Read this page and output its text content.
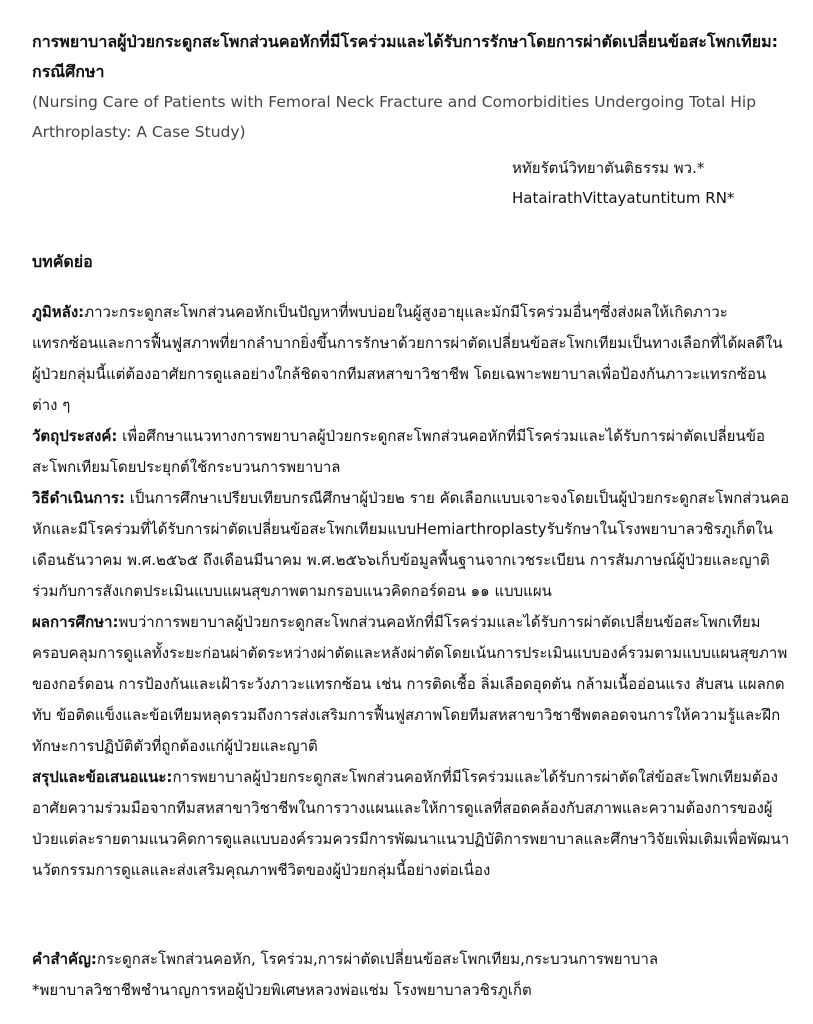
การพยาบาลผู้ป่วยกระดูกสะโพกส่วนคอหักที่มีโรคร่วมและได้รับการรักษาโดยการผ่าตัดเปลี่ยนข้อสะโพกเทียม: กรณีศึกษา

(Nursing Care of Patients with Femoral Neck Fracture and Comorbidities Undergoing Total Hip Arthroplasty: A Case Study)

หทัยรัตน์วิทยาตันติธรรม พว.*
HatairathVittayatuntitum RN*
บทคัดย่อ

ภูมิหลัง:ภาวะกระดูกสะโพกส่วนคอหักเป็นปัญหาที่พบบ่อยในผู้สูงอายุและมักมีโรคร่วมอื่นๆซึ่งส่งผลให้เกิดภาวะแทรกซ้อนและการฟื้นฟูสภาพที่ยากลำบากยิ่งขึ้นการรักษาด้วยการผ่าตัดเปลี่ยนข้อสะโพกเทียมเป็นทางเลือกที่ได้ผลดีในผู้ป่วยกลุ่มนี้แต่ต้องอาศัยการดูแลอย่างใกล้ชิดจากทีมสหสาขาวิชาชีพ โดยเฉพาะพยาบาลเพื่อป้องกันภาวะแทรกซ้อนต่าง ๆ

วัตถุประสงค์: เพื่อศึกษาแนวทางการพยาบาลผู้ป่วยกระดูกสะโพกส่วนคอหักที่มีโรคร่วมและได้รับการผ่าตัดเปลี่ยนข้อสะโพกเทียมโดยประยุกต์ใช้กระบวนการพยาบาล

วิธีดำเนินการ: เป็นการศึกษาเปรียบเทียบกรณีศึกษาผู้ป่วย๒ ราย คัดเลือกแบบเจาะจงโดยเป็นผู้ป่วยกระดูกสะโพกส่วนคอหักและมีโรคร่วมที่ได้รับการผ่าตัดเปลี่ยนข้อสะโพกเทียมแบบHemiarthroplastyรับรักษาในโรงพยาบาลวชิรภูเก็ตในเดือนธันวาคม พ.ศ.๒๕๖๕ ถึงเดือนมีนาคม พ.ศ.๒๕๖๖เก็บข้อมูลพื้นฐานจากเวชระเบียน การสัมภาษณ์ผู้ป่วยและญาติ ร่วมกับการสังเกตประเมินแบบแผนสุขภาพตามกรอบแนวคิดกอร์ดอน ๑๑ แบบแผน

ผลการศึกษา:พบว่าการพยาบาลผู้ป่วยกระดูกสะโพกส่วนคอหักที่มีโรคร่วมและได้รับการผ่าตัดเปลี่ยนข้อสะโพกเทียมครอบคลุมการดูแลทั้งระยะก่อนผ่าตัดระหว่างผ่าตัดและหลังผ่าตัดโดยเน้นการประเมินแบบองค์รวมตามแบบแผนสุขภาพของกอร์ดอน การป้องกันและเฝ้าระวังภาวะแทรกซ้อน เช่น การติดเชื้อ ลิ่มเลือดอุดตัน กล้ามเนื้ออ่อนแรง สับสน แผลกดทับ ข้อติดแข็งและข้อเทียมหลุดรวมถึงการส่งเสริมการฟื้นฟูสภาพโดยทีมสหสาขาวิชาชีพตลอดจนการให้ความรู้และฝึกทักษะการปฏิบัติตัวที่ถูกต้องแก่ผู้ป่วยและญาติ

สรุปและข้อเสนอแนะ:การพยาบาลผู้ป่วยกระดูกสะโพกส่วนคอหักที่มีโรคร่วมและได้รับการผ่าตัดใส่ข้อสะโพกเทียมต้องอาศัยความร่วมมือจากทีมสหสาขาวิชาชีพในการวางแผนและให้การดูแลที่สอดคล้องกับสภาพและความต้องการของผู้ป่วยแต่ละรายตามแนวคิดการดูแลแบบองค์รวมควรมีการพัฒนาแนวปฏิบัติการพยาบาลและศึกษาวิจัยเพิ่มเติมเพื่อพัฒนานวัตกรรมการดูแลและส่งเสริมคุณภาพชีวิตของผู้ป่วยกลุ่มนี้อย่างต่อเนื่อง

คำสำคัญ:กระดูกสะโพกส่วนคอหัก, โรคร่วม,การผ่าตัดเปลี่ยนข้อสะโพกเทียม,กระบวนการพยาบาล
*พยาบาลวิชาชีพชำนาญการหอผู้ป่วยพิเศษหลวงพ่อแช่ม โรงพยาบาลวชิรภูเก็ต
